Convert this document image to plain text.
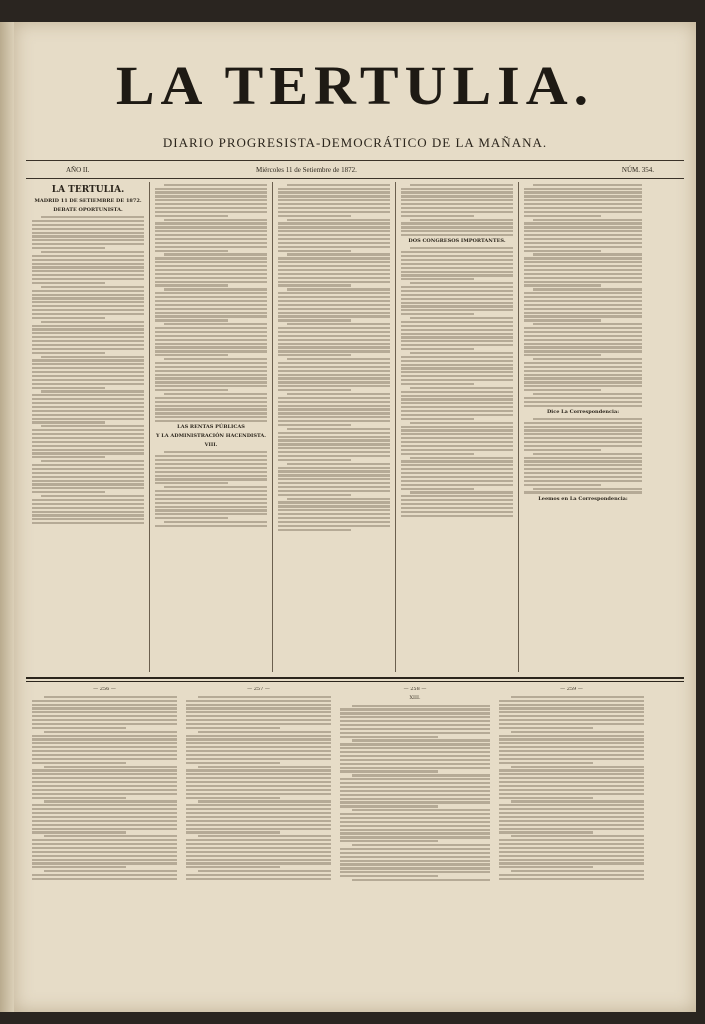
LA TERTULIA.
DIARIO PROGRESISTA-DEMOCRÁTICO DE LA MAÑANA.
AÑO II.	Miércoles 11 de Setiembre de 1872.	NÚM. 354.
LA TERTULIA.
MADRID 11 DE SETIEMBRE DE 1872.
DEBATE OPORTUNISTA.
LAS RENTAS PÚBLICAS
Y LA ADMINISTRACIÓN HACENDISTA.
VIII.
DOS CONGRESOS IMPORTANTES.
Dice La Correspondencia:
Leemos en La Correspondencia:
— 256 —	— 257 —	— 258 —
XIII.
— 259 —
